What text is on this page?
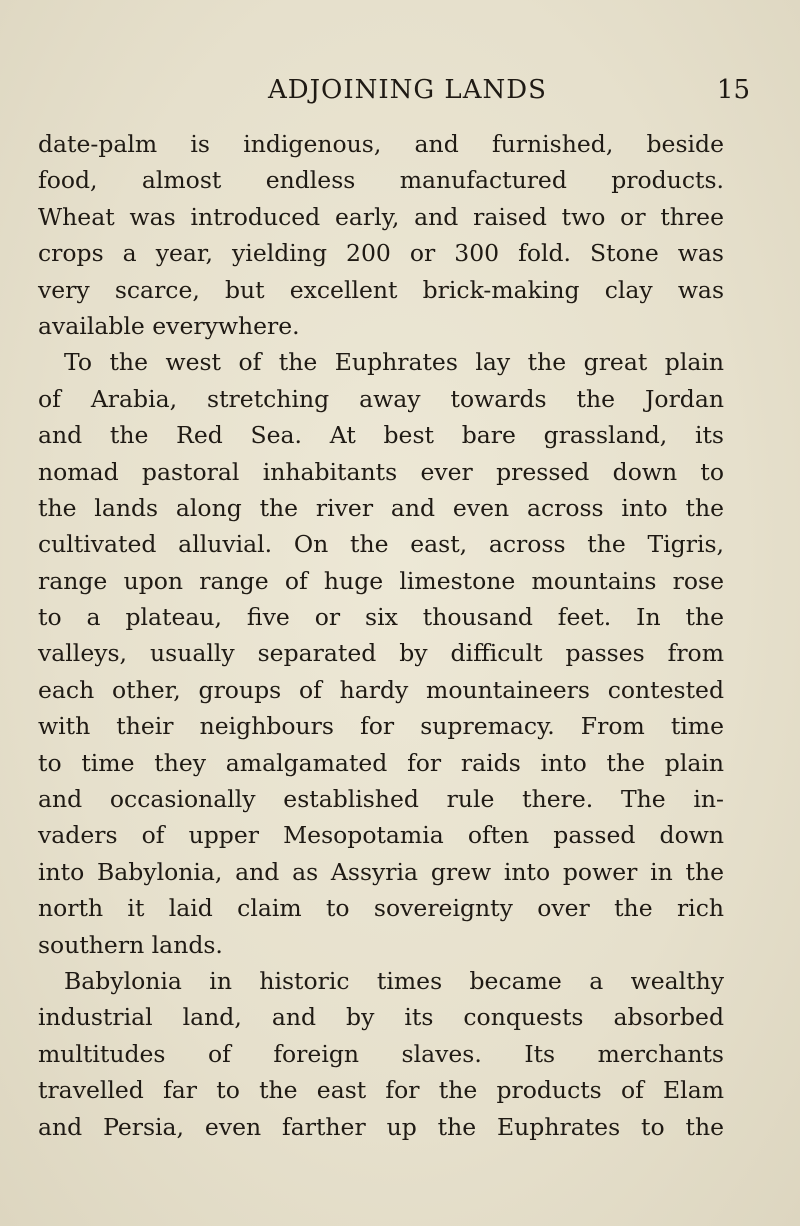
ADJOINING LANDS	15
date-palm is indigenous, and furnished, beside
food, almost endless manufactured products.
Wheat was introduced early, and raised two or three
crops a year, yielding 200 or 300 fold. Stone was
very scarce, but excellent brick-making clay was
available everywhere.
To the west of the Euphrates lay the great plain
of Arabia, stretching away towards the Jordan
and the Red Sea. At best bare grassland, its
nomad pastoral inhabitants ever pressed down to
the lands along the river and even across into the
cultivated alluvial. On the east, across the Tigris,
range upon range of huge limestone mountains rose
to a plateau, five or six thousand feet. In the
valleys, usually separated by difficult passes from
each other, groups of hardy mountaineers contested
with their neighbours for supremacy. From time
to time they amalgamated for raids into the plain
and occasionally established rule there. The in-
vaders of upper Mesopotamia often passed down
into Babylonia, and as Assyria grew into power in the
north it laid claim to sovereignty over the rich
southern lands.
Babylonia in historic times became a wealthy
industrial land, and by its conquests absorbed
multitudes of foreign slaves. Its merchants
travelled far to the east for the products of Elam
and Persia, even farther up the Euphrates to the
